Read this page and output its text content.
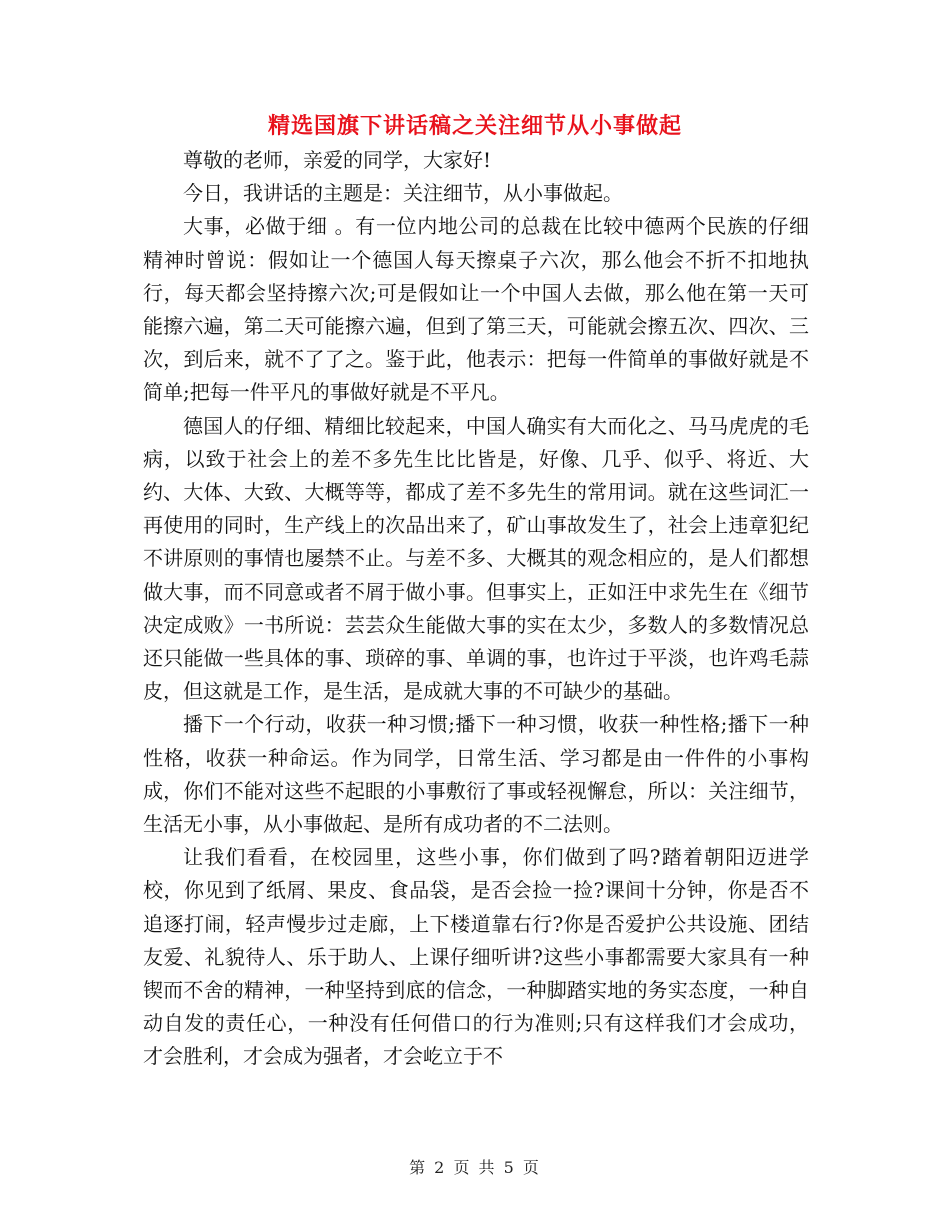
精选国旗下讲话稿之关注细节从小事做起

尊敬的老师，亲爱的同学，大家好!

今日，我讲话的主题是：关注细节，从小事做起。

大事，必做于细 。有一位内地公司的总裁在比较中德两个民族的仔细精神时曾说：假如让一个德国人每天擦桌子六次，那么他会不折不扣地执行，每天都会坚持擦六次;可是假如让一个中国人去做，那么他在第一天可能擦六遍，第二天可能擦六遍，但到了第三天，可能就会擦五次、四次、三次，到后来，就不了了之。鉴于此，他表示：把每一件简单的事做好就是不简单;把每一件平凡的事做好就是不平凡。

德国人的仔细、精细比较起来，中国人确实有大而化之、马马虎虎的毛病，以致于社会上的差不多先生比比皆是，好像、几乎、似乎、将近、大约、大体、大致、大概等等，都成了差不多先生的常用词。就在这些词汇一再使用的同时，生产线上的次品出来了，矿山事故发生了，社会上违章犯纪不讲原则的事情也屡禁不止。与差不多、大概其的观念相应的，是人们都想做大事，而不同意或者不屑于做小事。但事实上，正如汪中求先生在《细节决定成败》一书所说：芸芸众生能做大事的实在太少，多数人的多数情况总还只能做一些具体的事、琐碎的事、单调的事，也许过于平淡，也许鸡毛蒜皮，但这就是工作，是生活，是成就大事的不可缺少的基础。

播下一个行动，收获一种习惯;播下一种习惯，收获一种性格;播下一种性格，收获一种命运。作为同学，日常生活、学习都是由一件件的小事构成，你们不能对这些不起眼的小事敷衍了事或轻视懈怠，所以：关注细节，生活无小事，从小事做起、是所有成功者的不二法则。

让我们看看，在校园里，这些小事，你们做到了吗?踏着朝阳迈进学校，你见到了纸屑、果皮、食品袋，是否会捡一捡?课间十分钟，你是否不追逐打闹，轻声慢步过走廊，上下楼道靠右行?你是否爱护公共设施、团结友爱、礼貌待人、乐于助人、上课仔细听讲?这些小事都需要大家具有一种锲而不舍的精神，一种坚持到底的信念，一种脚踏实地的务实态度，一种自动自发的责任心，一种没有任何借口的行为准则;只有这样我们才会成功，才会胜利，才会成为强者，才会屹立于不

第 2 页 共 5 页
